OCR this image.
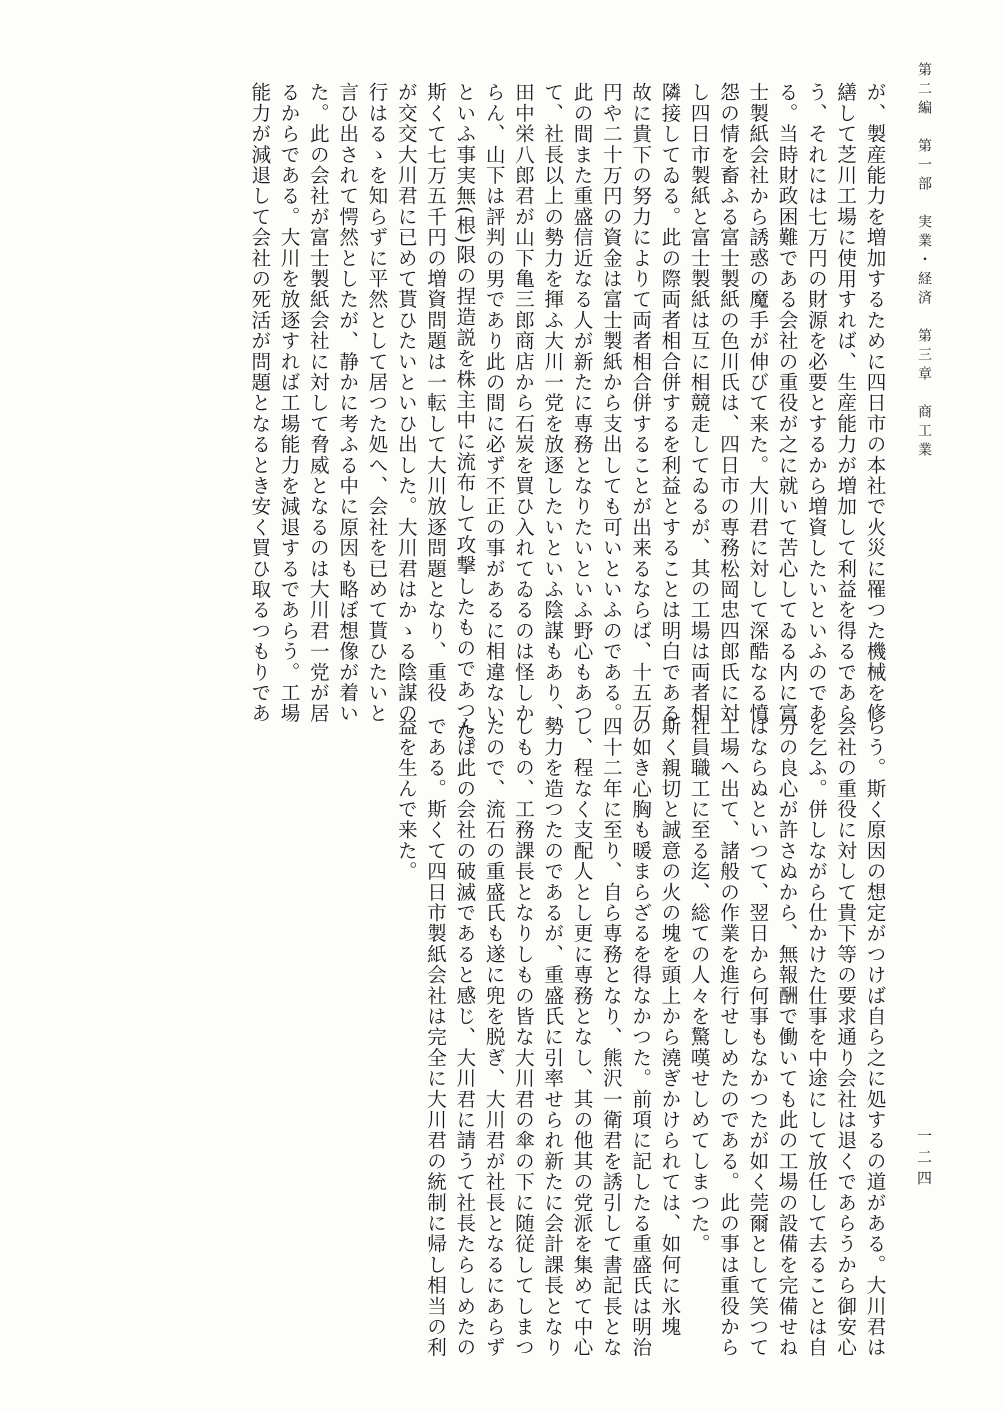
第二編　第一部　実業・経済　第三章　商工業
一二四
が、製産能力を増加するために四日市の本社で火災に罹つた機械を修
繕して芝川工場に使用すれば、生産能力が増加して利益を得るであら
う、それには七万円の財源を必要とするから増資したいといふのであ
る。当時財政困難である会社の重役が之に就いて苦心してゐる内に富
士製紙会社から誘惑の魔手が伸びて来た。大川君に対して深酷なる憤
怨の情を畜ふる富士製紙の色川氏は、四日市の専務松岡忠四郎氏に対
し四日市製紙と富士製紙は互に相競走してゐるが、其の工場は両者相
隣接してゐる。此の際両者相合併するを利益とすることは明白である
故に貴下の努力によりて両者相合併することが出来るならば、十五万
円や二十万円の資金は富士製紙から支出しても可いといふのである。
此の間また重盛信近なる人が新たに専務となりたいといふ野心もあつ
て、社長以上の勢力を揮ふ大川一党を放逐したいといふ陰謀もあり、
田中栄八郎君が山下亀三郎商店から石炭を買ひ入れてゐるのは怪しか
らん、山下は評判の男であり此の間に必ず不正の事があるに相違ない
といふ事実無(根)限の捏造説を株主中に流布して攻撃したものであつた。
斯くて七万五千円の増資問題は一転して大川放逐問題となり、重役
が交交大川君に已めて貰ひたいといひ出した。大川君はかゝる陰謀の
行はるゝを知らずに平然として居つた処へ、会社を已めて貰ひたいと
言ひ出されて愕然としたが、静かに考ふる中に原因も略ぼ想像が着い
た。此の会社が富士製紙会社に対して脅威となるのは大川君一党が居
るからである。大川を放逐すれば工場能力を減退するであらう。工場
能力が減退して会社の死活が問題となるとき安く買ひ取るつもりであ
らう。斯く原因の想定がつけば自ら之に処するの道がある。大川君は
会社の重役に対して貴下等の要求通り会社は退くであらうから御安心
を乞ふ。併しながら仕かけた仕事を中途にして放任して去ることは自
分の良心が許さぬから、無報酬で働いても此の工場の設備を完備せね
ばならぬといつて、翌日から何事もなかつたが如く莞爾として笑つて
工場へ出て、諸般の作業を進行せしめたのである。此の事は重役から
社員職工に至る迄、総ての人々を驚嘆せしめてしまつた。
斯く親切と誠意の火の塊を頭上から澆ぎかけられては、如何に氷塊
の如き心胸も暖まらざるを得なかつた。前項に記したる重盛氏は明治
四十二年に至り、自ら専務となり、熊沢一衛君を誘引して書記長とな
し、程なく支配人とし更に専務となし、其の他其の党派を集めて中心
勢力を造つたのであるが、重盛氏に引率せられ新たに会計課長となり
しもの、工務課長となりしもの皆な大川君の傘の下に随従してしまつ
たので、流石の重盛氏も遂に兜を脱ぎ、大川君が社長となるにあらず
んば此の会社の破滅であると感じ、大川君に請うて社長たらしめたの
である。斯くて四日市製紙会社は完全に大川君の統制に帰し相当の利
益を生んで来た。
